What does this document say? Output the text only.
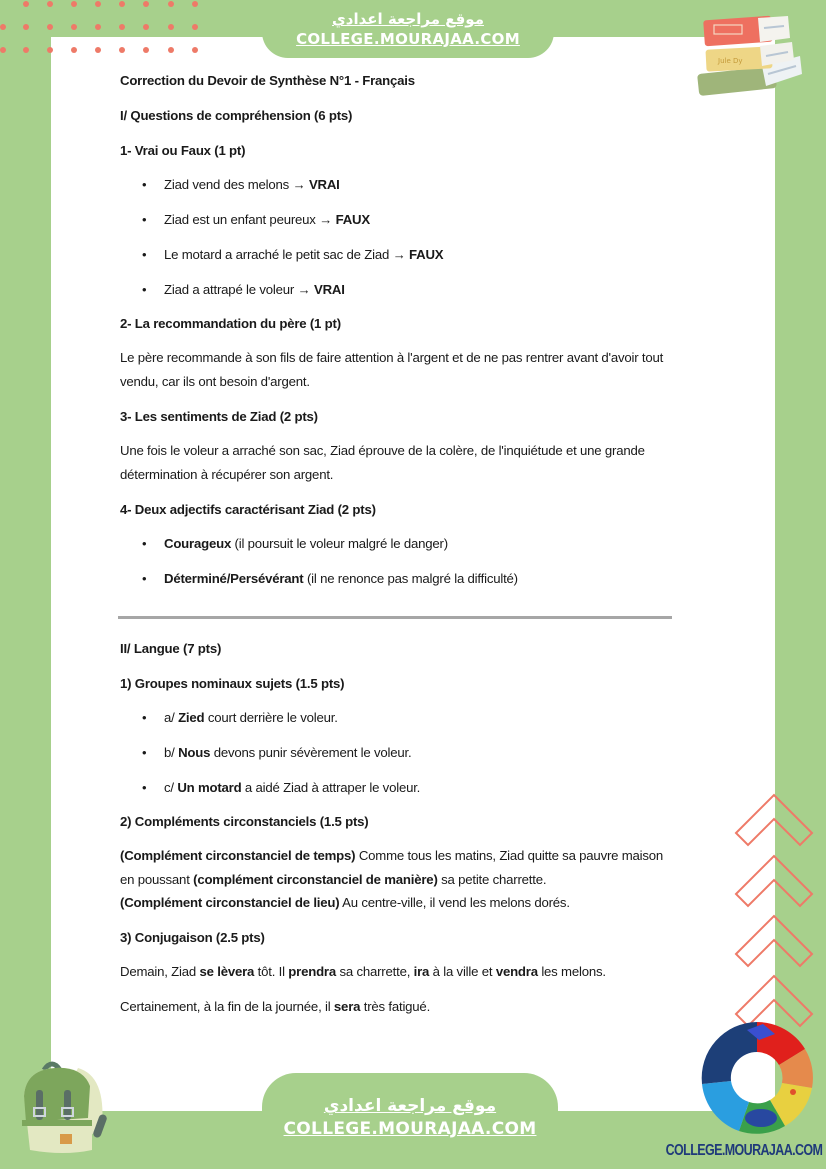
موقع مراجعة اعدادي
COLLEGE.MOURAJAA.COM
Jule Dy

Correction du Devoir de Synthèse N°1 - Français

I/ Questions de compréhension (6 pts)

1- Vrai ou Faux (1 pt)

• Ziad vend des melons → VRAI
• Ziad est un enfant peureux → FAUX
• Le motard a arraché le petit sac de Ziad → FAUX
• Ziad a attrapé le voleur → VRAI

2- La recommandation du père (1 pt)

Le père recommande à son fils de faire attention à l'argent et de ne pas rentrer avant d'avoir tout vendu, car ils ont besoin d'argent.

3- Les sentiments de Ziad (2 pts)

Une fois le voleur a arraché son sac, Ziad éprouve de la colère, de l'inquiétude et une grande détermination à récupérer son argent.

4- Deux adjectifs caractérisant Ziad (2 pts)

• Courageux (il poursuit le voleur malgré le danger)
• Déterminé/Persévérant (il ne renonce pas malgré la difficulté)

II/ Langue (7 pts)

1) Groupes nominaux sujets (1.5 pts)

• a/ Zied court derrière le voleur.
• b/ Nous devons punir sévèrement le voleur.
• c/ Un motard a aidé Ziad à attraper le voleur.

2) Compléments circonstanciels (1.5 pts)

(Complément circonstanciel de temps) Comme tous les matins, Ziad quitte sa pauvre maison en poussant (complément circonstanciel de manière) sa petite charrette.
(Complément circonstanciel de lieu) Au centre-ville, il vend les melons dorés.

3) Conjugaison (2.5 pts)

Demain, Ziad se lèvera tôt. Il prendra sa charrette, ira à la ville et vendra les melons.

Certainement, à la fin de la journée, il sera très fatigué.

موقع مراجعة اعدادي
COLLEGE.MOURAJAA.COM
COLLEGE.MOURAJAA.COM
